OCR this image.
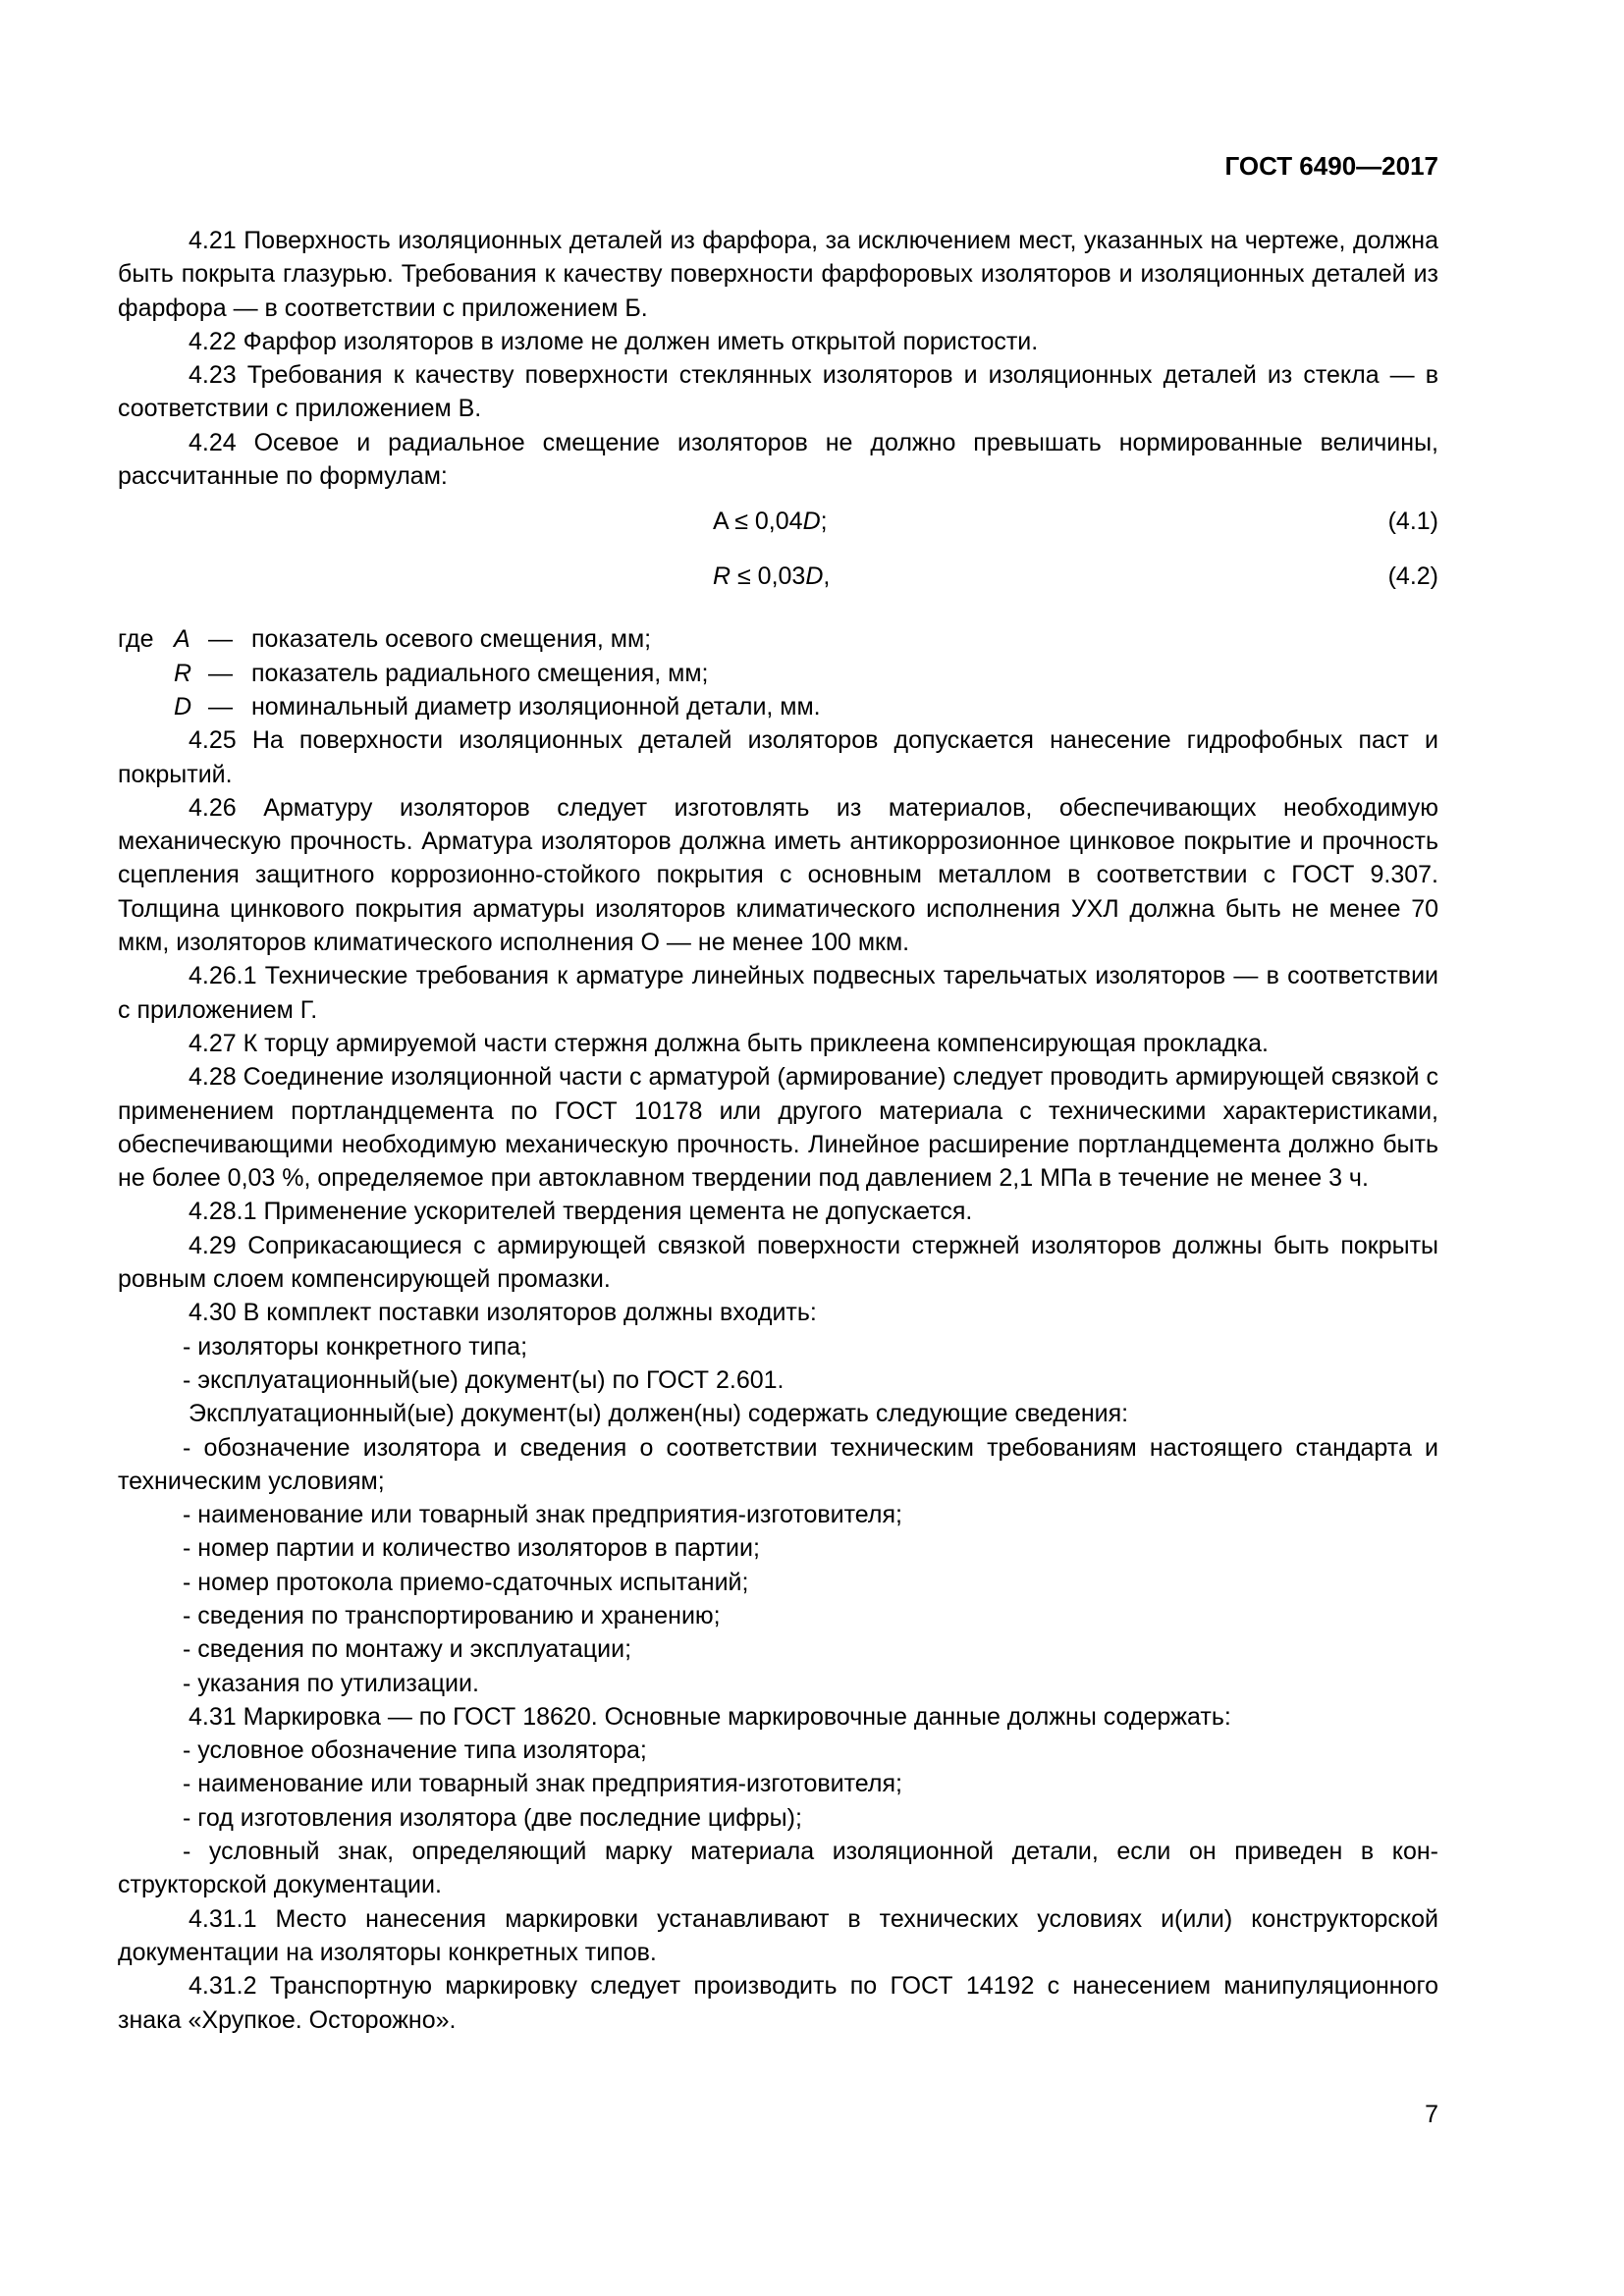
ГОСТ 6490—2017

4.21 Поверхность изоляционных деталей из фарфора, за исключением мест, указанных на чертеже, должна быть покрыта глазурью. Требования к качеству поверхности фарфоровых изоляторов и изоляционных деталей из фарфора — в соответствии с приложением Б.

4.22 Фарфор изоляторов в изломе не должен иметь открытой пористости.

4.23 Требования к качеству поверхности стеклянных изоляторов и изоляционных деталей из стекла — в соответствии с приложением В.

4.24 Осевое и радиальное смещение изоляторов не должно превышать нормированные величины, рассчитанные по формулам:

A ≤ 0,04D;	(4.1)
R ≤ 0,03D,	(4.2)
где A — показатель осевого смещения, мм;
R — показатель радиального смещения, мм;
D — номинальный диаметр изоляционной детали, мм.

4.25 На поверхности изоляционных деталей изоляторов допускается нанесение гидрофобных паст и покрытий.

4.26 Арматуру изоляторов следует изготовлять из материалов, обеспечивающих необходимую механическую прочность. Арматура изоляторов должна иметь антикоррозионное цинковое покрытие и прочность сцепления защитного коррозионно-стойкого покрытия с основным металлом в соответствии с ГОСТ 9.307. Толщина цинкового покрытия арматуры изоляторов климатического исполнения УХЛ должна быть не менее 70 мкм, изоляторов климатического исполнения О — не менее 100 мкм.

4.26.1 Технические требования к арматуре линейных подвесных тарельчатых изоляторов — в соответствии с приложением Г.

4.27 К торцу армируемой части стержня должна быть приклеена компенсирующая прокладка.

4.28 Соединение изоляционной части с арматурой (армирование) следует проводить армирующей связкой с применением портландцемента по ГОСТ 10178 или другого материала с техническими характеристиками, обеспечивающими необходимую механическую прочность. Линейное расширение портландцемента должно быть не более 0,03 %, определяемое при автоклавном твердении под давлением 2,1 МПа в течение не менее 3 ч.

4.28.1 Применение ускорителей твердения цемента не допускается.

4.29 Соприкасающиеся с армирующей связкой поверхности стержней изоляторов должны быть покрыты ровным слоем компенсирующей промазки.

4.30 В комплект поставки изоляторов должны входить:

- изоляторы конкретного типа;

- эксплуатационный(ые) документ(ы) по ГОСТ 2.601.

Эксплуатационный(ые) документ(ы) должен(ны) содержать следующие сведения:

- обозначение изолятора и сведения о соответствии техническим требованиям настоящего стандарта и техническим условиям;

- наименование или товарный знак предприятия-изготовителя;

- номер партии и количество изоляторов в партии;

- номер протокола приемо-сдаточных испытаний;

- сведения по транспортированию и хранению;

- сведения по монтажу и эксплуатации;

- указания по утилизации.

4.31 Маркировка — по ГОСТ 18620. Основные маркировочные данные должны содержать:

- условное обозначение типа изолятора;

- наименование или товарный знак предприятия-изготовителя;

- год изготовления изолятора (две последние цифры);

- условный знак, определяющий марку материала изоляционной детали, если он приведен в конструкторской документации.

4.31.1 Место нанесения маркировки устанавливают в технических условиях и(или) конструкторской документации на изоляторы конкретных типов.

4.31.2 Транспортную маркировку следует производить по ГОСТ 14192 с нанесением манипуляционного знака «Хрупкое. Осторожно».

7
